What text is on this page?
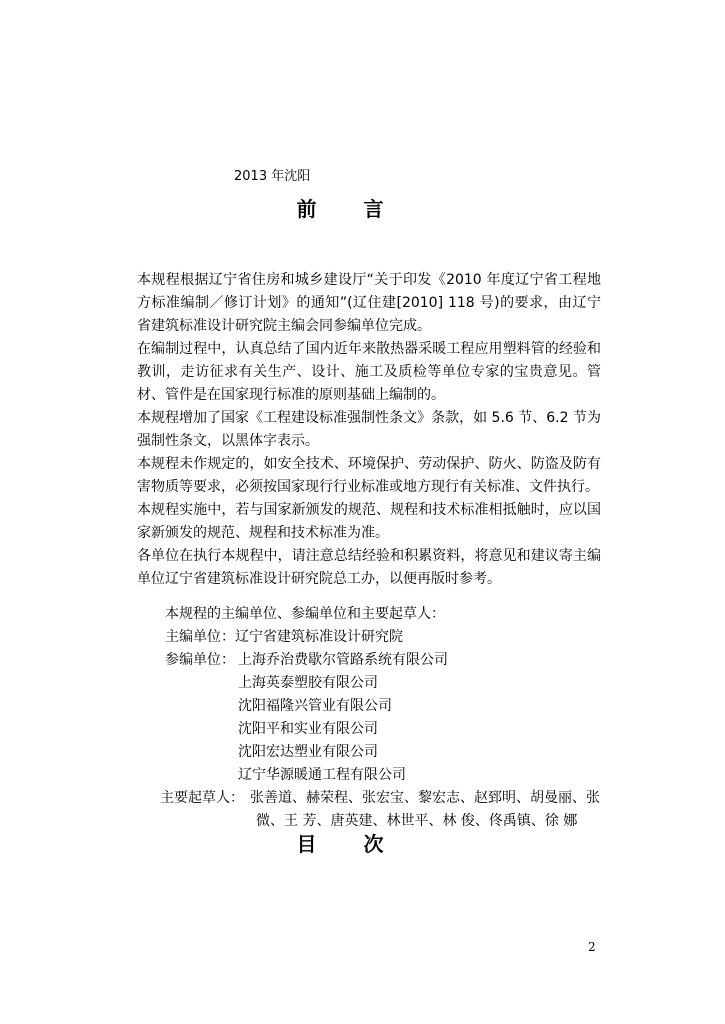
2013 年沈阳
前 言

本规程根据辽宁省住房和城乡建设厅“关于印发《2010 年度辽宁省工程地方标准编制／修订计划》的通知”(辽住建[2010] 118 号)的要求，由辽宁省建筑标准设计研究院主编会同参编单位完成。

在编制过程中，认真总结了国内近年来散热器采暖工程应用塑料管的经验和教训，走访征求有关生产、设计、施工及质检等单位专家的宝贵意见。管材、管件是在国家现行标准的原则基础上编制的。

本规程增加了国家《工程建设标准强制性条文》条款，如 5.6 节、6.2 节为强制性条文，以黑体字表示。

本规程未作规定的，如安全技术、环境保护、劳动保护、防火、防盗及防有害物质等要求，必须按国家现行行业标准或地方现行有关标准、文件执行。

本规程实施中，若与国家新颁发的规范、规程和技术标准相抵触时，应以国家新颁发的规范、规程和技术标准为准。

各单位在执行本规程中，请注意总结经验和积累资料，将意见和建议寄主编单位辽宁省建筑标准设计研究院总工办，以便再版时参考。

本规程的主编单位、参编单位和主要起草人：
主编单位：辽宁省建筑标准设计研究院
参编单位： 上海乔治费歇尔管路系统有限公司
上海英泰塑胶有限公司
沈阳福隆兴管业有限公司
沈阳平和实业有限公司
沈阳宏达塑业有限公司
辽宁华源暖通工程有限公司
主要起草人： 张善道、赫荣程、张宏宝、黎宏志、赵郅明、胡曼丽、张
微、王 芳、唐英建、林世平、林 俊、佟禹镇、徐 娜
目 次
2
